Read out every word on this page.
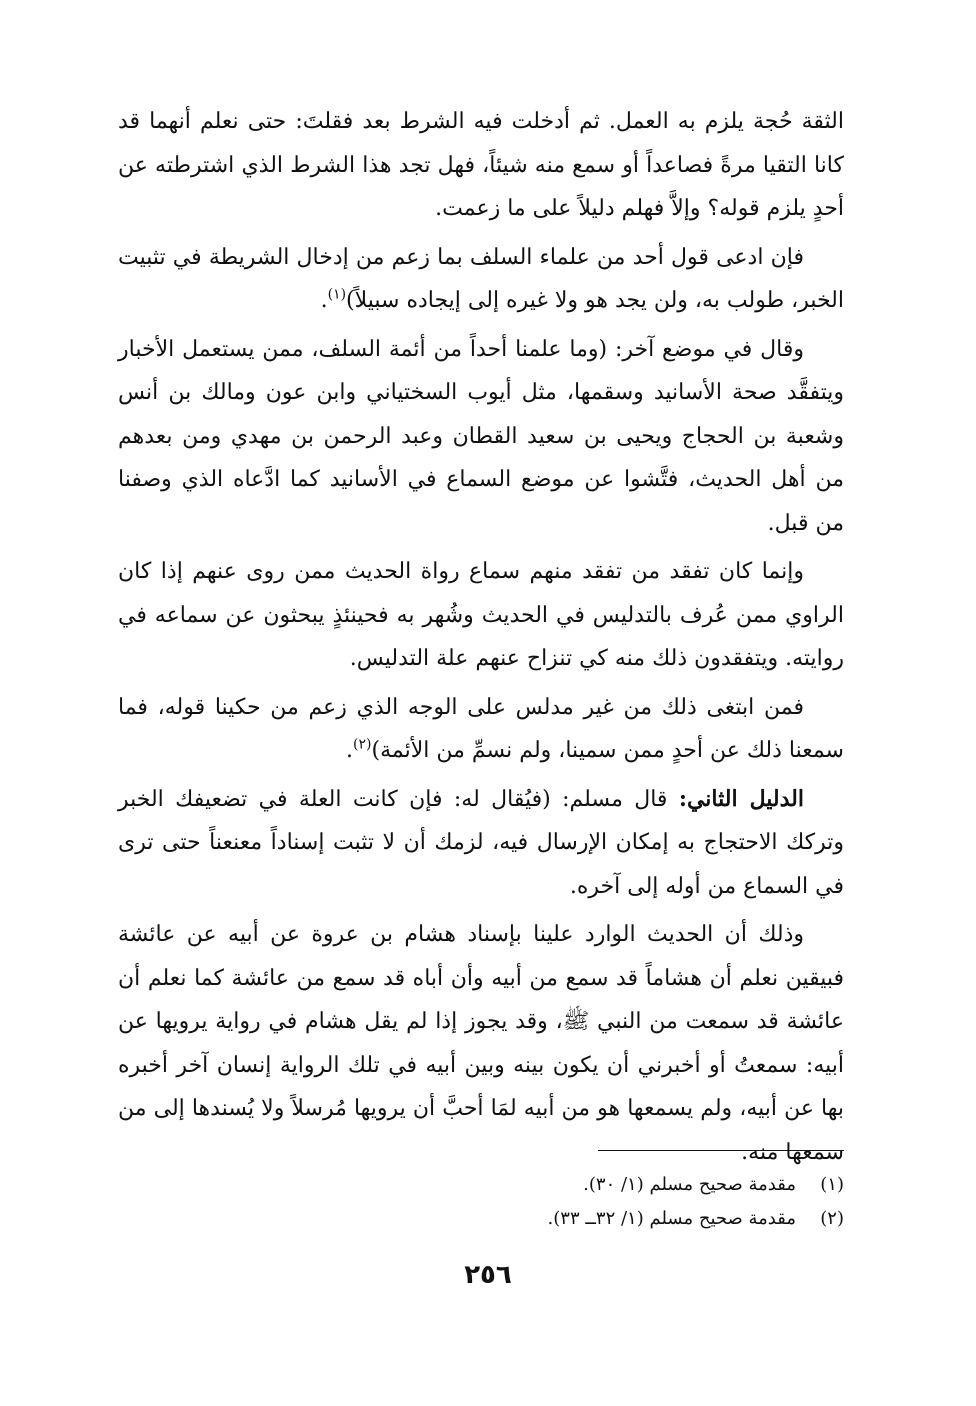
الثقة حُجة يلزم به العمل. ثم أدخلت فيه الشرط بعد فقلتَ: حتى نعلم أنهما قد كانا التقيا مرةً فصاعداً أو سمع منه شيئاً، فهل تجد هذا الشرط الذي اشترطته عن أحدٍ يلزم قوله؟ وإلاَّ فهلم دليلاً على ما زعمت.

فإن ادعى قول أحد من علماء السلف بما زعم من إدخال الشريطة في تثبيت الخبر، طولب به، ولن يجد هو ولا غيره إلى إيجاده سبيلاً)$^{(١)}$.

وقال في موضع آخر: (وما علمنا أحداً من أئمة السلف، ممن يستعمل الأخبار ويتفقَّد صحة الأسانيد وسقمها، مثل أيوب السختياني وابن عون ومالك بن أنس وشعبة بن الحجاج ويحيى بن سعيد القطان وعبد الرحمن بن مهدي ومن بعدهم من أهل الحديث، فتَّشوا عن موضع السماع في الأسانيد كما ادَّعاه الذي وصفنا من قبل.

وإنما كان تفقد من تفقد منهم سماع رواة الحديث ممن روى عنهم إذا كان الراوي ممن عُرف بالتدليس في الحديث وشُهر به فحينئذٍ يبحثون عن سماعه في روايته. ويتفقدون ذلك منه كي تنزاح عنهم علة التدليس.

فمن ابتغى ذلك من غير مدلس على الوجه الذي زعم من حكينا قوله، فما سمعنا ذلك عن أحدٍ ممن سمينا، ولم نسمِّ من الأئمة)$^{(٢)}$.

الدليل الثاني: قال مسلم: (فيُقال له: فإن كانت العلة في تضعيفك الخبر وتركك الاحتجاج به إمكان الإرسال فيه، لزمك أن لا تثبت إسناداً معنعناً حتى ترى في السماع من أوله إلى آخره.

وذلك أن الحديث الوارد علينا بإسناد هشام بن عروة عن أبيه عن عائشة فبيقين نعلم أن هشاماً قد سمع من أبيه وأن أباه قد سمع من عائشة كما نعلم أن عائشة قد سمعت من النبي ﷺ، وقد يجوز إذا لم يقل هشام في رواية يرويها عن أبيه: سمعتُ أو أخبرني أن يكون بينه وبين أبيه في تلك الرواية إنسان آخر أخبره بها عن أبيه، ولم يسمعها هو من أبيه لمَا أحبَّ أن يرويها مُرسلاً ولا يُسندها إلى من سمعها منه.

(١)مقدمة صحيح مسلم (١/ ٣٠).

(٢)مقدمة صحيح مسلم (١/ ٣٢ــ ٣٣).

٢٥٦
